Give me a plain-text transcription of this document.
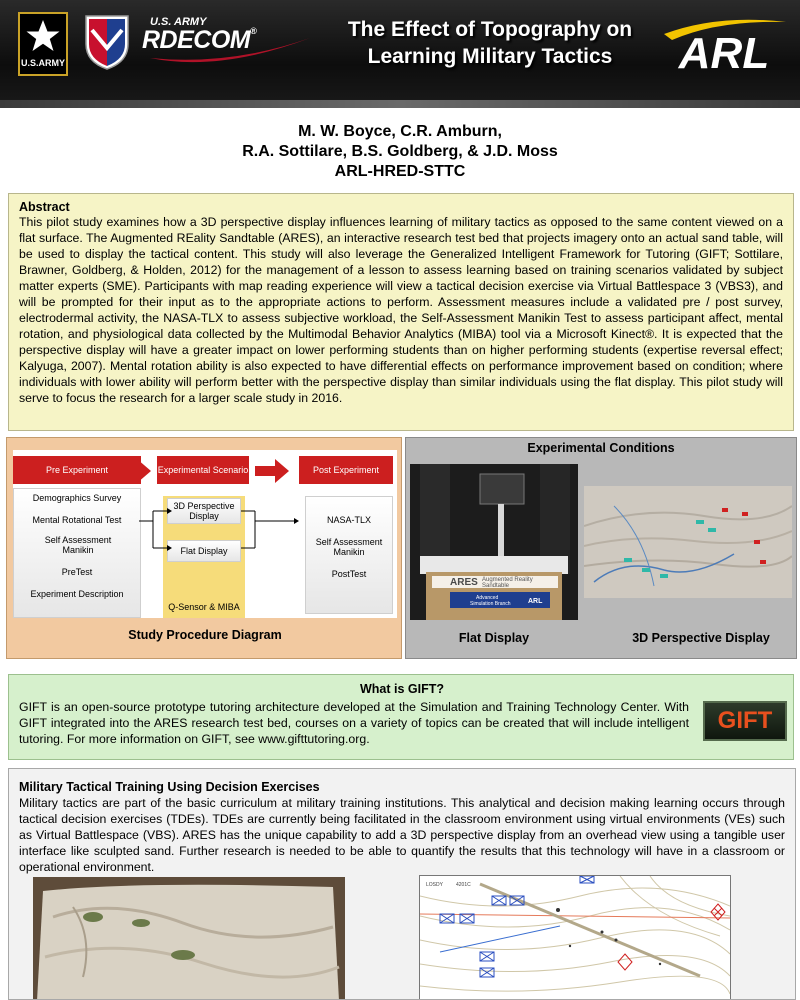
U.S.ARMY
U.S. ARMY
RDECOM®	The Effect of Topography on
Learning Military Tactics	ARL
M. W. Boyce, C.R. Amburn,
R.A. Sottilare, B.S. Goldberg, & J.D. Moss
ARL-HRED-STTC
Abstract
This pilot study examines how a 3D perspective display influences learning of military tactics as opposed to the same content viewed on a flat surface. The Augmented REality Sandtable (ARES), an interactive research test bed that projects imagery onto an actual sand table, will be used to display the tactical content. This study will also leverage the Generalized Intelligent Framework for Tutoring (GIFT; Sottilare, Brawner, Goldberg, & Holden, 2012) for the management of a lesson to assess learning based on training scenarios validated by subject matter experts (SME). Participants with map reading experience will view a tactical decision exercise via Virtual Battlespace 3 (VBS3), and will be prompted for their input as to the appropriate actions to perform. Assessment measures include a validated pre / post survey, electrodermal activity, the NASA-TLX to assess subjective workload, the Self-Assessment Manikin Test to assess participant affect, mental rotation, and physiological data collected by the Multimodal Behavior Analytics (MIBA) tool via a Microsoft Kinect®. It is expected that the perspective display will have a greater impact on lower performing students than on higher performing students (expertise reversal effect; Kalyuga, 2007). Mental rotation ability is also expected to have differential effects on performance improvement based on condition; where individuals with lower ability will perform better with the perspective display than similar individuals using the flat display. This pilot study will serve to focus the research for a larger scale study in 2016.
Pre Experiment	Experimental Scenario	Post Experiment
Demographics Survey
Mental Rotational Test
Self Assessment Manikin
PreTest
Experiment Description
3D Perspective Display
Flat Display
Q-Sensor & MIBA
NASA-TLX
Self Assessment Manikin
PostTest
Study Procedure Diagram
Experimental Conditions
ARES Augmented Reality
Sandtable
Advanced
Simulation Branch ARL
Flat Display	3D Perspective Display
What is GIFT?
GIFT is an open-source prototype tutoring architecture developed at the Simulation and Training Technology Center. With GIFT integrated into the ARES research test bed, courses on a variety of topics can be created that will include intelligent tutoring. For more information on GIFT, see www.gifttutoring.org.
GIFT
Military Tactical Training Using Decision Exercises
Military tactics are part of the basic curriculum at military training institutions. This analytical and decision making learning occurs through tactical decision exercises (TDEs). TDEs are currently being facilitated in the classroom environment using virtual environments (VEs) such as Virtual Battlespace (VBS). ARES has the unique capability to add a 3D perspective display from an overhead view using a tangible user interface like sculpted sand. Further research is needed to be able to quantify the results that this technology will have in a classroom or operational environment.
LOSDY	4201C
